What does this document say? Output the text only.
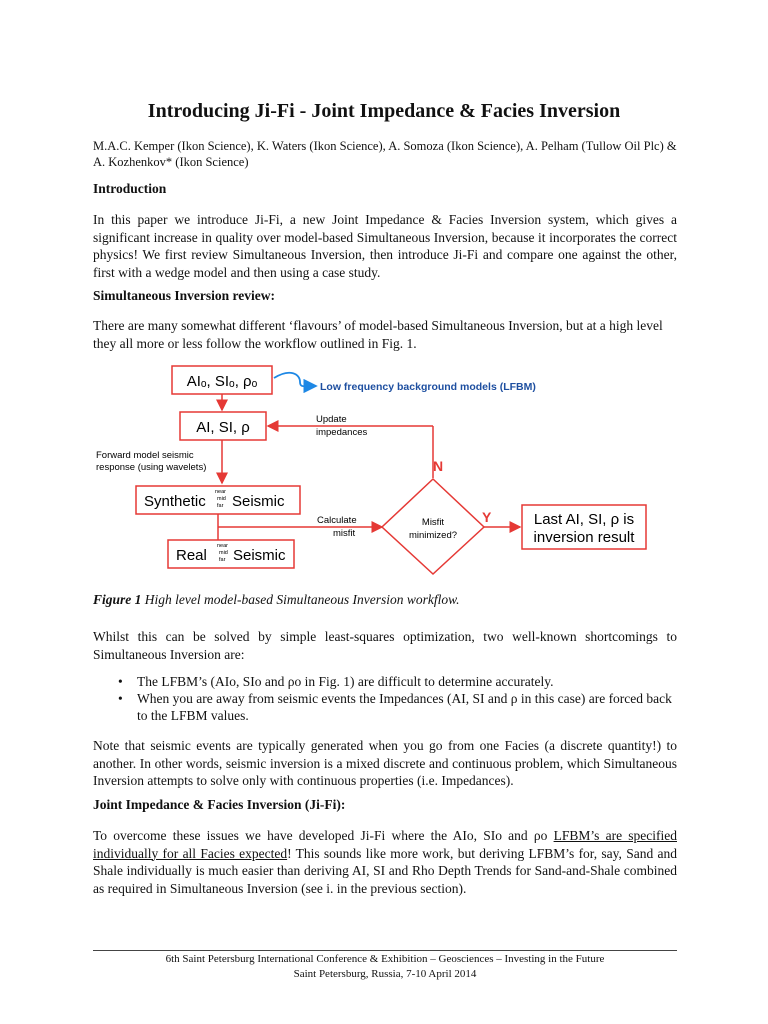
Introducing Ji-Fi - Joint Impedance & Facies Inversion
M.A.C. Kemper (Ikon Science), K. Waters (Ikon Science), A. Somoza (Ikon Science), A. Pelham (Tullow Oil Plc) & A. Kozhenkov* (Ikon Science)
Introduction
In this paper we introduce Ji-Fi, a new Joint Impedance & Facies Inversion system, which gives a significant increase in quality over model-based Simultaneous Inversion, because it incorporates the correct physics! We first review Simultaneous Inversion, then introduce Ji-Fi and compare one against the other, first with a wedge model and then using a case study.
Simultaneous Inversion review:
There are many somewhat different ‘flavours’ of model-based Simultaneous Inversion, but at a high level they all more or less follow the workflow outlined in Fig. 1.
AIₒ, SIₒ, ρₒ	Low frequency background models (LFBM)
AI, SI, ρ	Update
impedances
Forward model seismic
response (using wavelets)
Synthetic
near
mid
far Seismic
Calculate
misfit
Real
near
mid
far Seismic
Misfit
minimized?
N
Y	Last AI, SI, ρ is
inversion result
Figure 1 High level model-based Simultaneous Inversion workflow.
Whilst this can be solved by simple least-squares optimization, two well-known shortcomings to Simultaneous Inversion are:
•	The LFBM’s (AIo, SIo and ρo in Fig. 1) are difficult to determine accurately.
•	When you are away from seismic events the Impedances (AI, SI and ρ in this case) are forced back to the LFBM values.
Note that seismic events are typically generated when you go from one Facies (a discrete quantity!) to another. In other words, seismic inversion is a mixed discrete and continuous problem, which Simultaneous Inversion attempts to solve only with continuous properties (i.e. Impedances).
Joint Impedance & Facies Inversion (Ji-Fi):
To overcome these issues we have developed Ji-Fi where the AIo, SIo and ρo LFBM’s are specified individually for all Facies expected! This sounds like more work, but deriving LFBM’s for, say, Sand and Shale individually is much easier than deriving AI, SI and Rho Depth Trends for Sand-and-Shale combined as required in Simultaneous Inversion (see i. in the previous section).
6th Saint Petersburg International Conference & Exhibition – Geosciences – Investing in the Future
Saint Petersburg, Russia, 7-10 April 2014
